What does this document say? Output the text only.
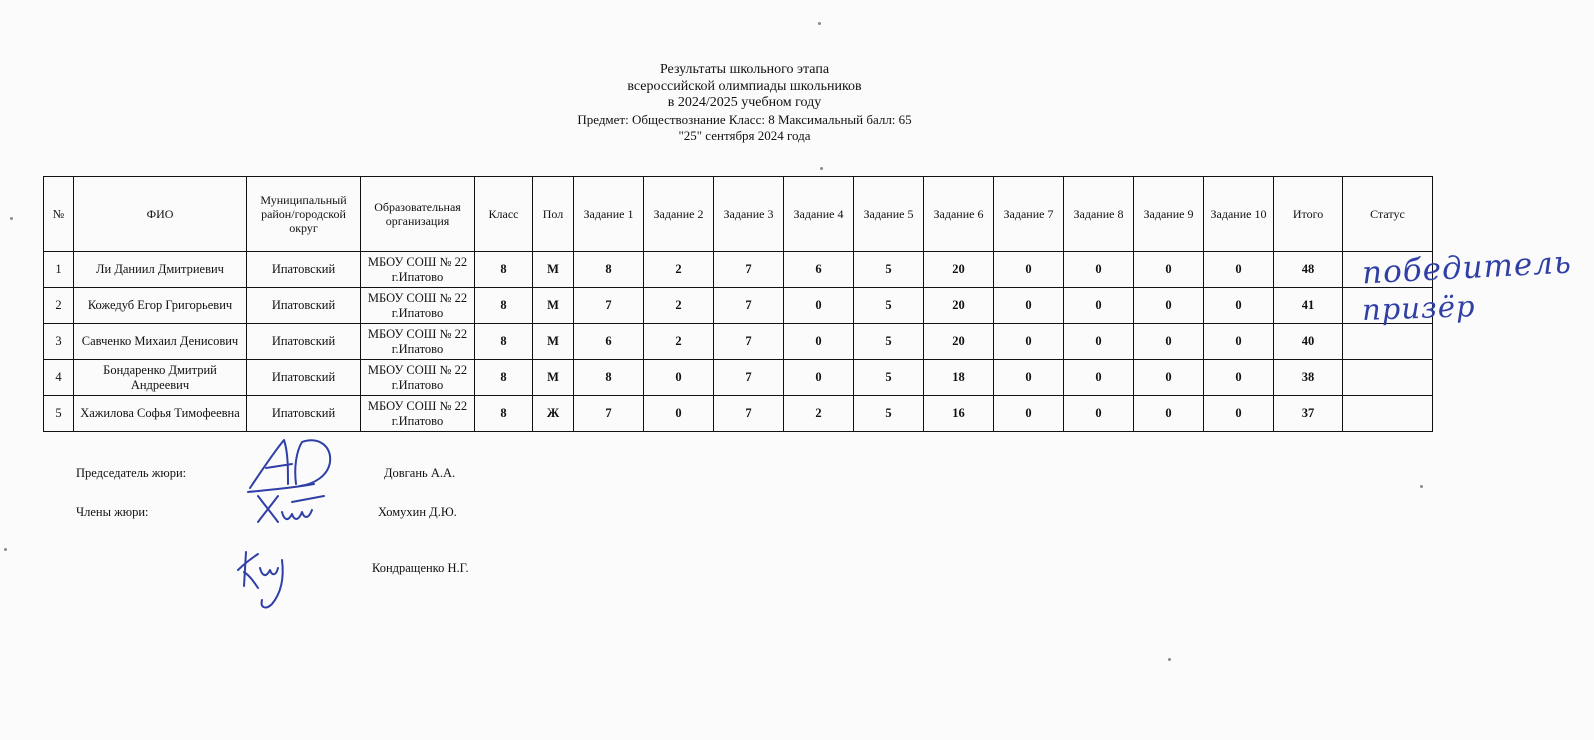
Результаты школьного этапа
всероссийской олимпиады школьников
в 2024/2025 учебном году
Предмет: Обществознание Класс: 8 Максимальный балл: 65
"25" сентября 2024 года
№	ФИО	Муниципальный район/городской округ	Образовательная организация	Класс	Пол	Задание 1	Задание 2	Задание 3	Задание 4	Задание 5	Задание 6	Задание 7	Задание 8	Задание 9	Задание 10	Итого	Статус
1	Ли Даниил Дмитриевич	Ипатовский	МБОУ СОШ № 22 г.Ипатово	8	М	8	2	7	6	5	20	0	0	0	0	48	
2	Кожедуб Егор Григорьевич	Ипатовский	МБОУ СОШ № 22 г.Ипатово	8	М	7	2	7	0	5	20	0	0	0	0	41	
3	Савченко Михаил Денисович	Ипатовский	МБОУ СОШ № 22 г.Ипатово	8	М	6	2	7	0	5	20	0	0	0	0	40	
4	Бондаренко Дмитрий Андреевич	Ипатовский	МБОУ СОШ № 22 г.Ипатово	8	М	8	0	7	0	5	18	0	0	0	0	38	
5	Хажилова Софья Тимофеевна	Ипатовский	МБОУ СОШ № 22 г.Ипатово	8	Ж	7	0	7	2	5	16	0	0	0	0	37	
победитель
призёр
Председатель жюри:	Довгань А.А.
Члены жюри:	Хомухин Д.Ю.
Кондращенко Н.Г.
